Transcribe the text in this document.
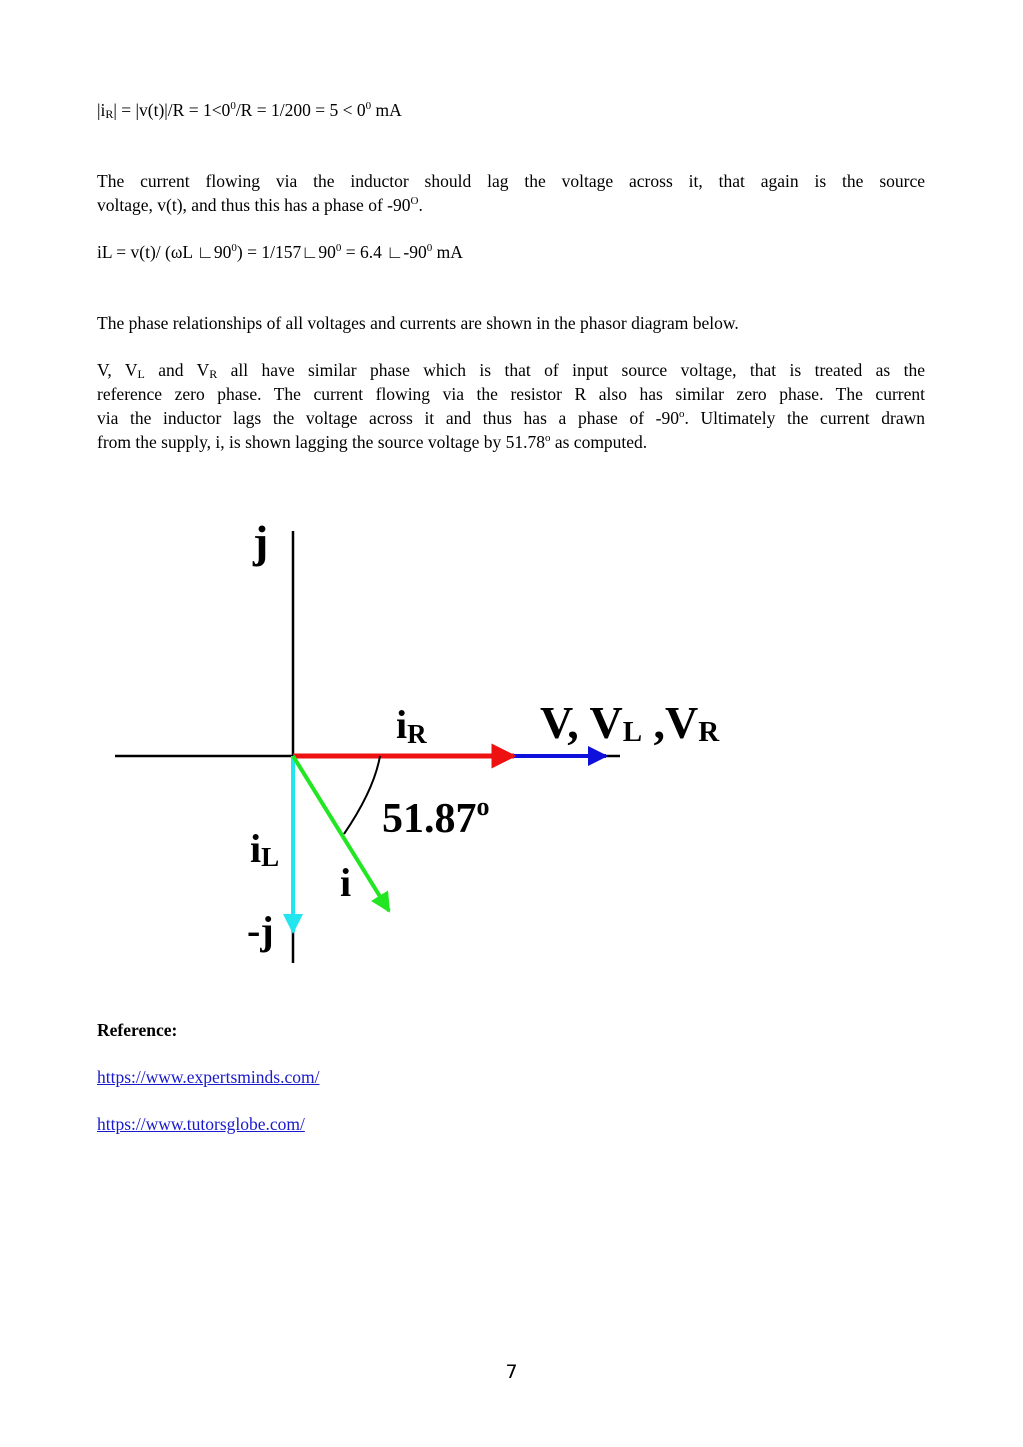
$|i_R| = |v(t)|/R = 1<0^0/R = 1/200 = 5 < 0^0$ mA
The current flowing via the inductor should lag the voltage across it, that again is the source
voltage, v(t), and thus this has a phase of $-90^O$.
iL = v(t)/ (ωL $∟90^0$) = $1/157∟90^0 = 6.4$ $∟-90^0$ mA
The phase relationships of all voltages and currents are shown in the phasor diagram below.
V, $V_L$ and $V_R$ all have similar phase which is that of input source voltage, that is treated as the
reference zero phase. The current flowing via the resistor R also has similar zero phase. The current
via the inductor lags the voltage across it and thus has a phase of -90$^o$. Ultimately the current drawn
from the supply, i, is shown lagging the source voltage by 51.78$^o$ as computed.
j
-j
iR V, VL ,VR
iL
i
51.87$^o$
Reference:
https://www.expertsminds.com/
https://www.tutorsglobe.com/
7
